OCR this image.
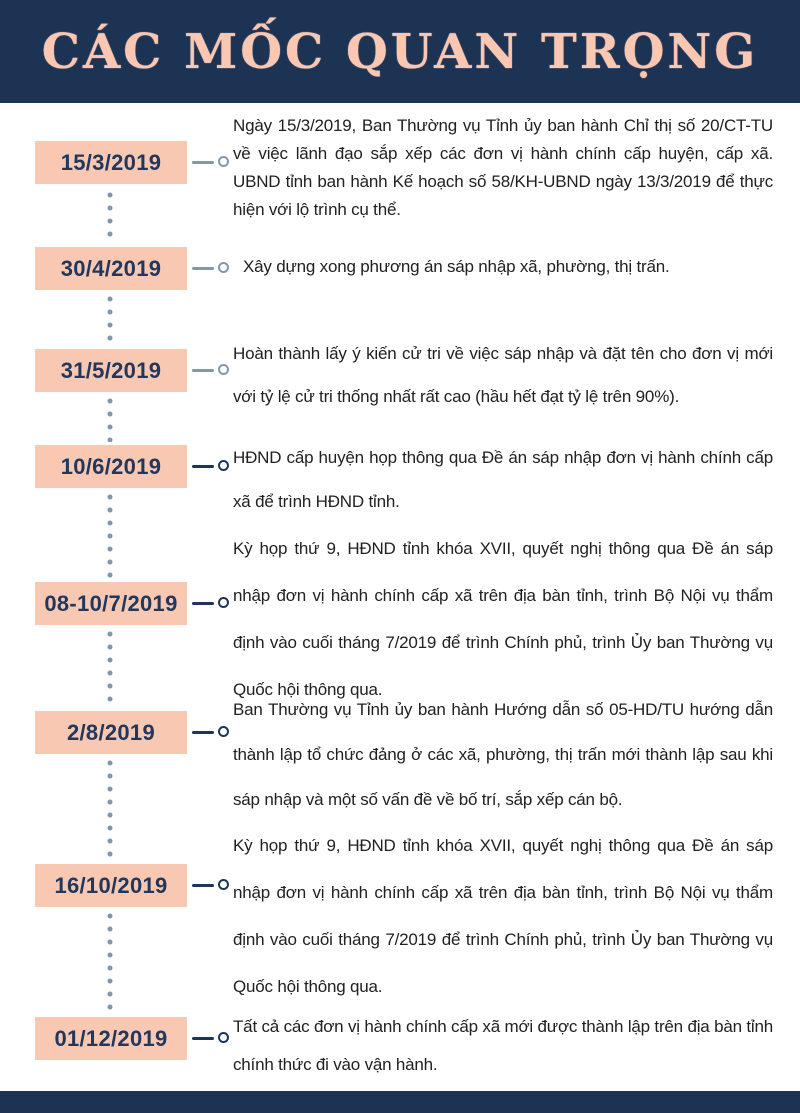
CÁC MỐC QUAN TRỌNG
15/3/2019
Ngày 15/3/2019, Ban Thường vụ Tỉnh ủy ban hành Chỉ thị số 20/CT-TU về việc lãnh đạo sắp xếp các đơn vị hành chính cấp huyện, cấp xã. UBND tỉnh ban hành Kế hoạch số 58/KH-UBND ngày 13/3/2019 để thực hiện với lộ trình cụ thể.
30/4/2019	Xây dựng xong phương án sáp nhập xã, phường, thị trấn.
31/5/2019
Hoàn thành lấy ý kiến cử tri về việc sáp nhập và đặt tên cho đơn vị mới với tỷ lệ cử tri thống nhất rất cao (hầu hết đạt tỷ lệ trên 90%).
10/6/2019	HĐND cấp huyện họp thông qua Đề án sáp nhập đơn vị hành chính cấp xã để trình HĐND tỉnh.
08-10/7/2019
Kỳ họp thứ 9, HĐND tỉnh khóa XVII, quyết nghị thông qua Đề án sáp nhập đơn vị hành chính cấp xã trên địa bàn tỉnh, trình Bộ Nội vụ thẩm định vào cuối tháng 7/2019 để trình Chính phủ, trình Ủy ban Thường vụ Quốc hội thông qua.
2/8/2019
Ban Thường vụ Tỉnh ủy ban hành Hướng dẫn số 05-HD/TU hướng dẫn thành lập tổ chức đảng ở các xã, phường, thị trấn mới thành lập sau khi sáp nhập và một số vấn đề về bố trí, sắp xếp cán bộ.
16/10/2019
Kỳ họp thứ 9, HĐND tỉnh khóa XVII, quyết nghị thông qua Đề án sáp nhập đơn vị hành chính cấp xã trên địa bàn tỉnh, trình Bộ Nội vụ thẩm định vào cuối tháng 7/2019 để trình Chính phủ, trình Ủy ban Thường vụ Quốc hội thông qua.
01/12/2019	Tất cả các đơn vị hành chính cấp xã mới được thành lập trên địa bàn tỉnh chính thức đi vào vận hành.
